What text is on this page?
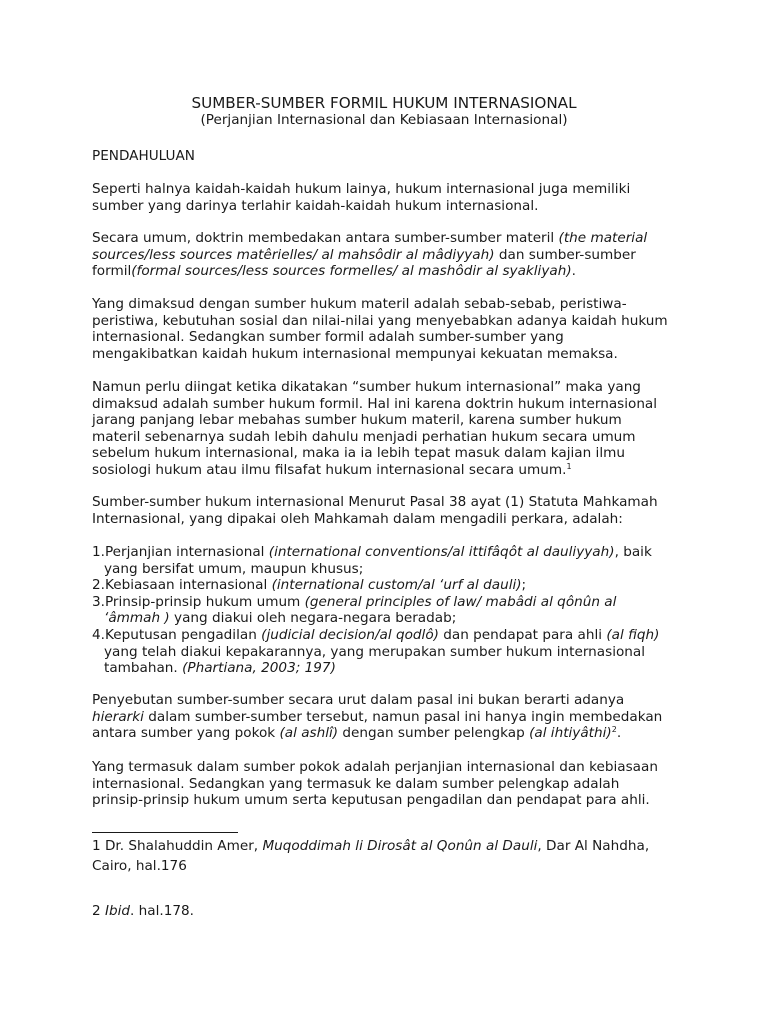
SUMBER-SUMBER FORMIL HUKUM INTERNASIONAL
(Perjanjian Internasional dan Kebiasaan Internasional)
PENDAHULUAN
Seperti halnya kaidah-kaidah hukum lainya, hukum internasional juga memiliki
sumber yang darinya terlahir kaidah-kaidah hukum internasional.
Secara umum, doktrin membedakan antara sumber-sumber materil (the material
sources/less sources matêrielles/ al mahsôdir al mâdiyyah) dan sumber-sumber
formil(formal sources/less sources formelles/ al mashôdir al syakliyah).
Yang dimaksud dengan sumber hukum materil adalah sebab-sebab, peristiwa-
peristiwa, kebutuhan sosial dan nilai-nilai yang menyebabkan adanya kaidah hukum
internasional. Sedangkan sumber formil adalah sumber-sumber yang
mengakibatkan kaidah hukum internasional mempunyai kekuatan memaksa.
Namun perlu diingat ketika dikatakan “sumber hukum internasional” maka yang
dimaksud adalah sumber hukum formil. Hal ini karena doktrin hukum internasional
jarang panjang lebar mebahas sumber hukum materil, karena sumber hukum
materil sebenarnya sudah lebih dahulu menjadi perhatian hukum secara umum
sebelum hukum internasional, maka ia ia lebih tepat masuk dalam kajian ilmu
sosiologi hukum atau ilmu filsafat hukum internasional secara umum.$^1$
Sumber-sumber hukum internasional Menurut Pasal 38 ayat (1) Statuta Mahkamah
Internasional, yang dipakai oleh Mahkamah dalam mengadili perkara, adalah:
1.Perjanjian internasional (international conventions/al ittifâqôt al dauliyyah), baik
yang bersifat umum, maupun khusus;
2.Kebiasaan internasional (international custom/al ‘urf al dauli);
3.Prinsip-prinsip hukum umum (general principles of law/ mabâdi al qônûn al
‘âmmah ) yang diakui oleh negara-negara beradab;
4.Keputusan pengadilan (judicial decision/al qodlô) dan pendapat para ahli (al fiqh)
yang telah diakui kepakarannya, yang merupakan sumber hukum internasional
tambahan. (Phartiana, 2003; 197)
Penyebutan sumber-sumber secara urut dalam pasal ini bukan berarti adanya
hierarki dalam sumber-sumber tersebut, namun pasal ini hanya ingin membedakan
antara sumber yang pokok (al ashlî) dengan sumber pelengkap (al ihtiyâthi)$^2$.
Yang termasuk dalam sumber pokok adalah perjanjian internasional dan kebiasaan
internasional. Sedangkan yang termasuk ke dalam sumber pelengkap adalah
prinsip-prinsip hukum umum serta keputusan pengadilan dan pendapat para ahli.
1 Dr. Shalahuddin Amer, Muqoddimah li Dirosât al Qonûn al Dauli, Dar Al Nahdha,
Cairo, hal.176
2 Ibid. hal.178.
